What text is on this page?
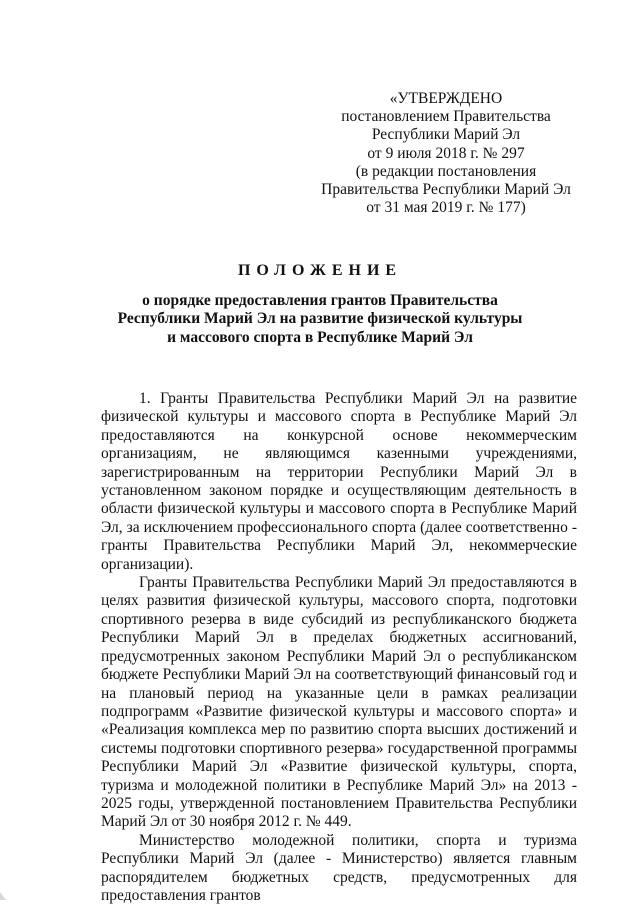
«УТВЕРЖДЕНО
постановлением Правительства
Республики Марий Эл
от 9 июля 2018 г. № 297
(в редакции постановления
Правительства Республики Марий Эл
от 31 мая 2019 г. № 177)
ПОЛОЖЕНИЕ
о порядке предоставления грантов Правительства
Республики Марий Эл на развитие физической культуры
и массового спорта в Республике Марий Эл

1. Гранты Правительства Республики Марий Эл на развитие физической культуры и массового спорта в Республике Марий Эл предоставляются на конкурсной основе некоммерческим организациям, не являющимся казенными учреждениями, зарегистрированным на территории Республики Марий Эл в установленном законом порядке и осуществляющим деятельность в области физической культуры и массового спорта в Республике Марий Эл, за исключением профессионального спорта (далее соответственно - гранты Правительства Республики Марий Эл, некоммерческие организации).

Гранты Правительства Республики Марий Эл предоставляются в целях развития физической культуры, массового спорта, подготовки спортивного резерва в виде субсидий из республиканского бюджета Республики Марий Эл в пределах бюджетных ассигнований, предусмотренных законом Республики Марий Эл о республиканском бюджете Республики Марий Эл на соответствующий финансовый год и на плановый период на указанные цели в рамках реализации подпрограмм «Развитие физической культуры и массового спорта» и «Реализация комплекса мер по развитию спорта высших достижений и системы подготовки спортивного резерва» государственной программы Республики Марий Эл «Развитие физической культуры, спорта, туризма и молодежной политики в Республике Марий Эл» на 2013 - 2025 годы, утвержденной постановлением Правительства Республики Марий Эл от 30 ноября 2012 г. № 449.

Министерство молодежной политики, спорта и туризма Республики Марий Эл (далее - Министерство) является главным распорядителем бюджетных средств, предусмотренных для предоставления грантов
